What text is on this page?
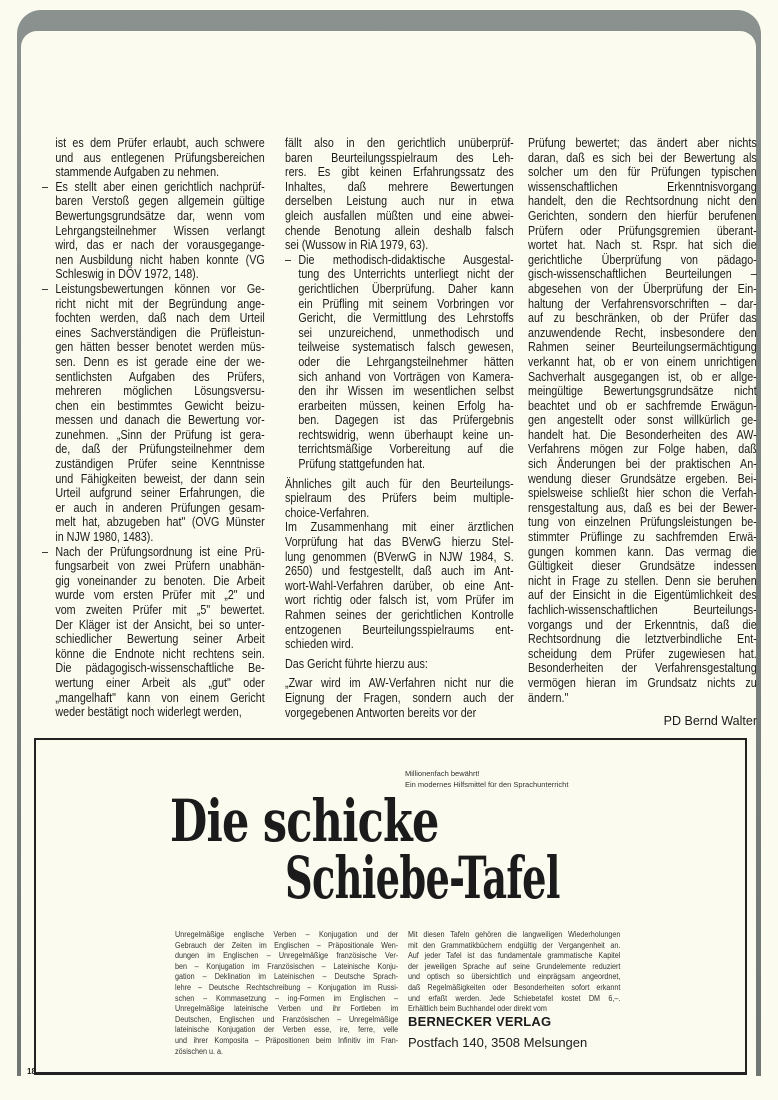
ist es dem Prüfer erlaubt, auch schwere
und aus entlegenen Prüfungsbereichen
stammende Aufgaben zu nehmen.
– Es stellt aber einen gerichtlich nachprüf-
baren Verstoß gegen allgemein gültige
Bewertungsgrundsätze dar, wenn vom
Lehrgangsteilnehmer Wissen verlangt
wird, das er nach der vorausgegange-
nen Ausbildung nicht haben konnte (VG
Schleswig in DÖV 1972, 148).
– Leistungsbewertungen können vor Ge-
richt nicht mit der Begründung ange-
fochten werden, daß nach dem Urteil
eines Sachverständigen die Prüfleistun-
gen hätten besser benotet werden müs-
sen. Denn es ist gerade eine der we-
sentlichsten Aufgaben des Prüfers,
mehreren möglichen Lösungsversu-
chen ein bestimmtes Gewicht beizu-
messen und danach die Bewertung vor-
zunehmen. „Sinn der Prüfung ist gera-
de, daß der Prüfungsteilnehmer dem
zuständigen Prüfer seine Kenntnisse
und Fähigkeiten beweist, der dann sein
Urteil aufgrund seiner Erfahrungen, die
er auch in anderen Prüfungen gesam-
melt hat, abzugeben hat" (OVG Münster
in NJW 1980, 1483).
– Nach der Prüfungsordnung ist eine Prü-
fungsarbeit von zwei Prüfern unabhän-
gig voneinander zu benoten. Die Arbeit
wurde vom ersten Prüfer mit „2" und
vom zweiten Prüfer mit „5" bewertet.
Der Kläger ist der Ansicht, bei so unter-
schiedlicher Bewertung seiner Arbeit
könne die Endnote nicht rechtens sein.
Die pädagogisch-wissenschaftliche Be-
wertung einer Arbeit als „gut" oder
„mangelhaft" kann von einem Gericht
weder bestätigt noch widerlegt werden,
fällt also in den gerichtlich unüberprüf-
baren Beurteilungsspielraum des Leh-
rers. Es gibt keinen Erfahrungssatz des
Inhaltes, daß mehrere Bewertungen
derselben Leistung auch nur in etwa
gleich ausfallen müßten und eine abwei-
chende Benotung allein deshalb falsch
sei (Wussow in RiA 1979, 63).
– Die methodisch-didaktische Ausgestal-
tung des Unterrichts unterliegt nicht der
gerichtlichen Überprüfung. Daher kann
ein Prüfling mit seinem Vorbringen vor
Gericht, die Vermittlung des Lehrstoffs
sei unzureichend, unmethodisch und
teilweise systematisch falsch gewesen,
oder die Lehrgangsteilnehmer hätten
sich anhand von Vorträgen von Kamera-
den ihr Wissen im wesentlichen selbst
erarbeiten müssen, keinen Erfolg ha-
ben. Dagegen ist das Prüfergebnis
rechtswidrig, wenn überhaupt keine un-
terrichtsmäßige Vorbereitung auf die
Prüfung stattgefunden hat.
Ähnliches gilt auch für den Beurteilungs-
spielraum des Prüfers beim multiple-
choice-Verfahren.
Im Zusammenhang mit einer ärztlichen
Vorprüfung hat das BVerwG hierzu Stel-
lung genommen (BVerwG in NJW 1984, S.
2650) und festgestellt, daß auch im Ant-
wort-Wahl-Verfahren darüber, ob eine Ant-
wort richtig oder falsch ist, vom Prüfer im
Rahmen seines der gerichtlichen Kontrolle
entzogenen Beurteilungsspielraums ent-
schieden wird.
Das Gericht führte hierzu aus:
„Zwar wird im AW-Verfahren nicht nur die
Eignung der Fragen, sondern auch der
vorgegebenen Antworten bereits vor der
Prüfung bewertet; das ändert aber nichts
daran, daß es sich bei der Bewertung als
solcher um den für Prüfungen typischen
wissenschaftlichen Erkenntnisvorgang
handelt, den die Rechtsordnung nicht den
Gerichten, sondern den hierfür berufenen
Prüfern oder Prüfungsgremien überant-
wortet hat. Nach st. Rspr. hat sich die
gerichtliche Überprüfung von pädago-
gisch-wissenschaftlichen Beurteilungen –
abgesehen von der Überprüfung der Ein-
haltung der Verfahrensvorschriften – dar-
auf zu beschränken, ob der Prüfer das
anzuwendende Recht, insbesondere den
Rahmen seiner Beurteilungsermächtigung
verkannt hat, ob er von einem unrichtigen
Sachverhalt ausgegangen ist, ob er allge-
meingültige Bewertungsgrundsätze nicht
beachtet und ob er sachfremde Erwägun-
gen angestellt oder sonst willkürlich ge-
handelt hat. Die Besonderheiten des AW-
Verfahrens mögen zur Folge haben, daß
sich Änderungen bei der praktischen An-
wendung dieser Grundsätze ergeben. Bei-
spielsweise schließt hier schon die Verfah-
rensgestaltung aus, daß es bei der Bewer-
tung von einzelnen Prüfungsleistungen be-
stimmter Prüflinge zu sachfremden Erwä-
gungen kommen kann. Das vermag die
Gültigkeit dieser Grundsätze indessen
nicht in Frage zu stellen. Denn sie beruhen
auf der Einsicht in die Eigentümlichkeit des
fachlich-wissenschaftlichen Beurteilungs-
vorgangs und der Erkenntnis, daß die
Rechtsordnung die letztverbindliche Ent-
scheidung dem Prüfer zugewiesen hat.
Besonderheiten der Verfahrensgestaltung
vermögen hieran im Grundsatz nichts zu
ändern."
PD Bernd Walter
Millionenfach bewährt!
Ein modernes Hilfsmittel für den Sprachunterricht
Die schicke
Schiebe-Tafel
Unregelmäßige englische Verben – Konjugation und der
Gebrauch der Zeiten im Englischen – Präpositionale Wen-
dungen im Englischen – Unregelmäßige französische Ver-
ben – Konjugation im Französischen – Lateinische Konju-
gation – Deklination im Lateinischen – Deutsche Sprach-
lehre – Deutsche Rechtschreibung – Konjugation im Russi-
schen – Kommasetzung – ing-Formen im Englischen –
Unregelmäßige lateinische Verben und ihr Fortleben im
Deutschen, Englischen und Französischen – Unregelmäßige
lateinische Konjugation der Verben esse, ire, ferre, velle
und ihrer Komposita – Präpositionen beim Infinitiv im Fran-
zösischen u. a.
Mit diesen Tafeln gehören die langweiligen Wiederholungen
mit den Grammatikbüchern endgültig der Vergangenheit an.
Auf jeder Tafel ist das fundamentale grammatische Kapitel
der jeweiligen Sprache auf seine Grundelemente reduziert
und optisch so übersichtlich und einprägsam angeordnet,
daß Regelmäßigkeiten oder Besonderheiten sofort erkannt
und erfaßt werden. Jede Schiebetafel kostet DM 6,–.
Erhältlich beim Buchhandel oder direkt vom
BERNECKER VERLAG
Postfach 140, 3508 Melsungen
18
